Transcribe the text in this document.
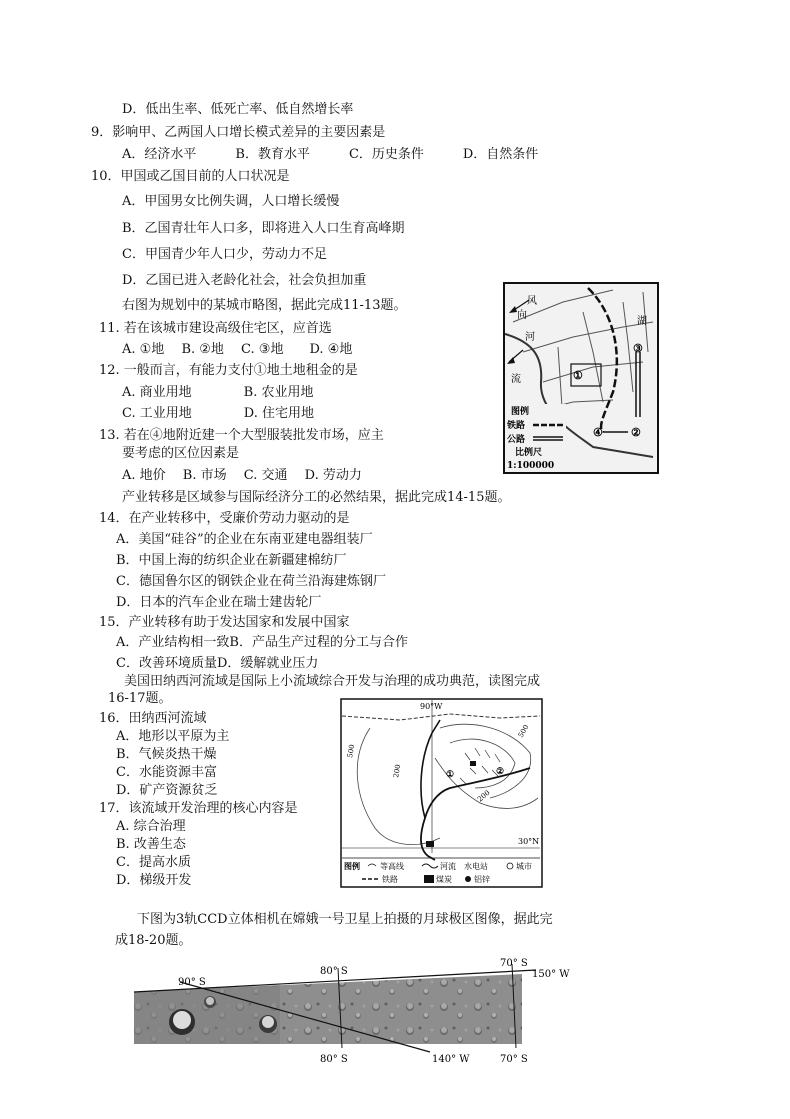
D．低出生率、低死亡率、低自然增长率
9．影响甲、乙两国人口增长模式差异的主要因素是
A．经济水平　　　B．教育水平　　　C．历史条件　　　D．自然条件
10．甲国或乙国目前的人口状况是
A．甲国男女比例失调，人口增长缓慢
B．乙国青壮年人口多，即将进入人口生育高峰期
C．甲国青少年人口少，劳动力不足
D．乙国已进入老龄化社会，社会负担加重
右图为规划中的某城市略图，据此完成11-13题。
11. 若在该城市建设高级住宅区，应首选
A. ①地　 B. ②地　 C. ③地　　D. ④地
12. 一般而言，有能力支付①地土地租金的是
A. 商业用地　　　　B. 农业用地
C. 工业用地　　　　D. 住宅用地
13. 若在④地附近建一个大型服装批发市场，应主
要考虑的区位因素是
A. 地价　 B. 市场　 C. 交通　 D. 劳动力
产业转移是区域参与国际经济分工的必然结果，据此完成14-15题。
14．在产业转移中，受廉价劳动力驱动的是
A．美国“硅谷”的企业在东南亚建电器组装厂
B．中国上海的纺织企业在新疆建棉纺厂
C．德国鲁尔区的钢铁企业在荷兰沿海建炼钢厂
D．日本的汽车企业在瑞士建齿轮厂
15．产业转移有助于发达国家和发展中国家
A．产业结构相一致B．产品生产过程的分工与合作
C．改善环境质量D．缓解就业压力
美国田纳西河流域是国际上小流域综合开发与治理的成功典范，读图完成
16-17题。
16．田纳西河流域
A．地形以平原为主
B．气候炎热干燥
C．水能资源丰富
D．矿产资源贫乏
17．该流域开发治理的核心内容是
A. 综合治理
B. 改善生态
C．提高水质
D．梯级开发
下图为3轨CCD立体相机在嫦娥一号卫星上拍摄的月球极区图像，据此完
成18-20题。
风
向
河
流
湖
①
②
③
④
图例
铁路
公路
比例尺
1:100000
90°W
30°N
500
200
500
200
①	②
图例	等高线	河流 水电站	城市
铁路	煤炭	铝锌
90° S
80° S
70° S
150° W
80° S	140° W	70° S
